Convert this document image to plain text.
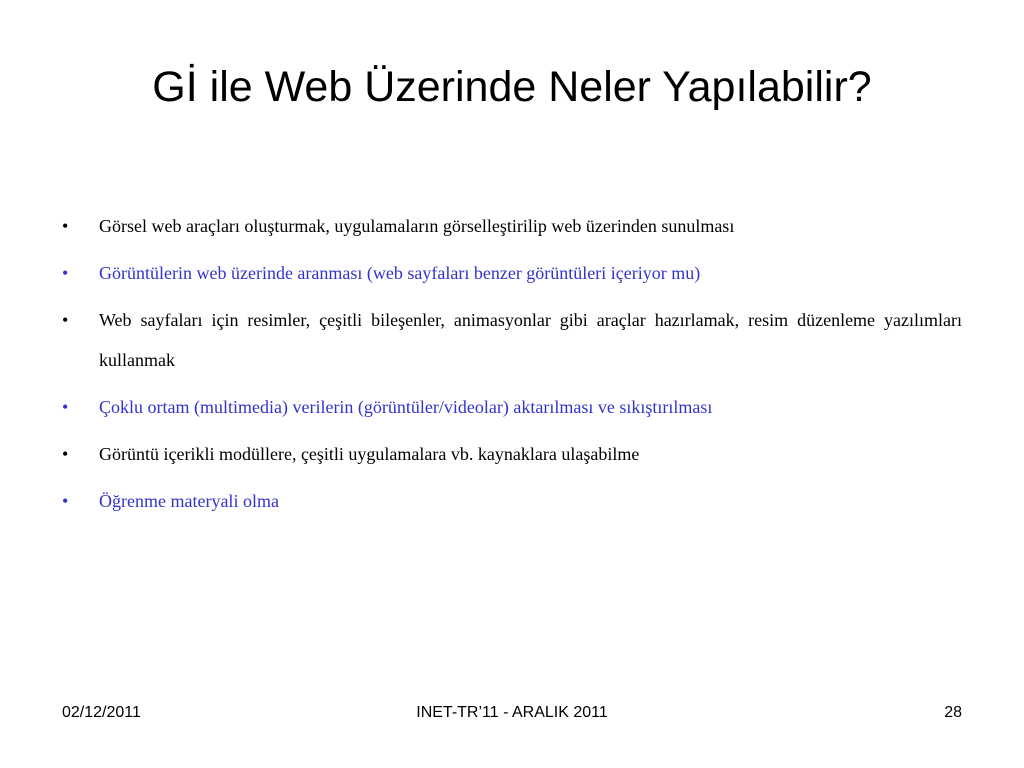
Gİ ile Web Üzerinde Neler Yapılabilir?
• Görsel web araçları oluşturmak, uygulamaların görselleştirilip web üzerinden sunulması
• Görüntülerin web üzerinde aranması (web sayfaları benzer görüntüleri içeriyor mu)
• Web sayfaları için resimler, çeşitli bileşenler, animasyonlar gibi araçlar hazırlamak, resim düzenleme yazılımları kullanmak
• Çoklu ortam (multimedia) verilerin (görüntüler/videolar) aktarılması ve sıkıştırılması
• Görüntü içerikli modüllere, çeşitli uygulamalara vb. kaynaklara ulaşabilme
• Öğrenme materyali olma
02/12/2011	INET-TR’11 - ARALIK 2011	28
